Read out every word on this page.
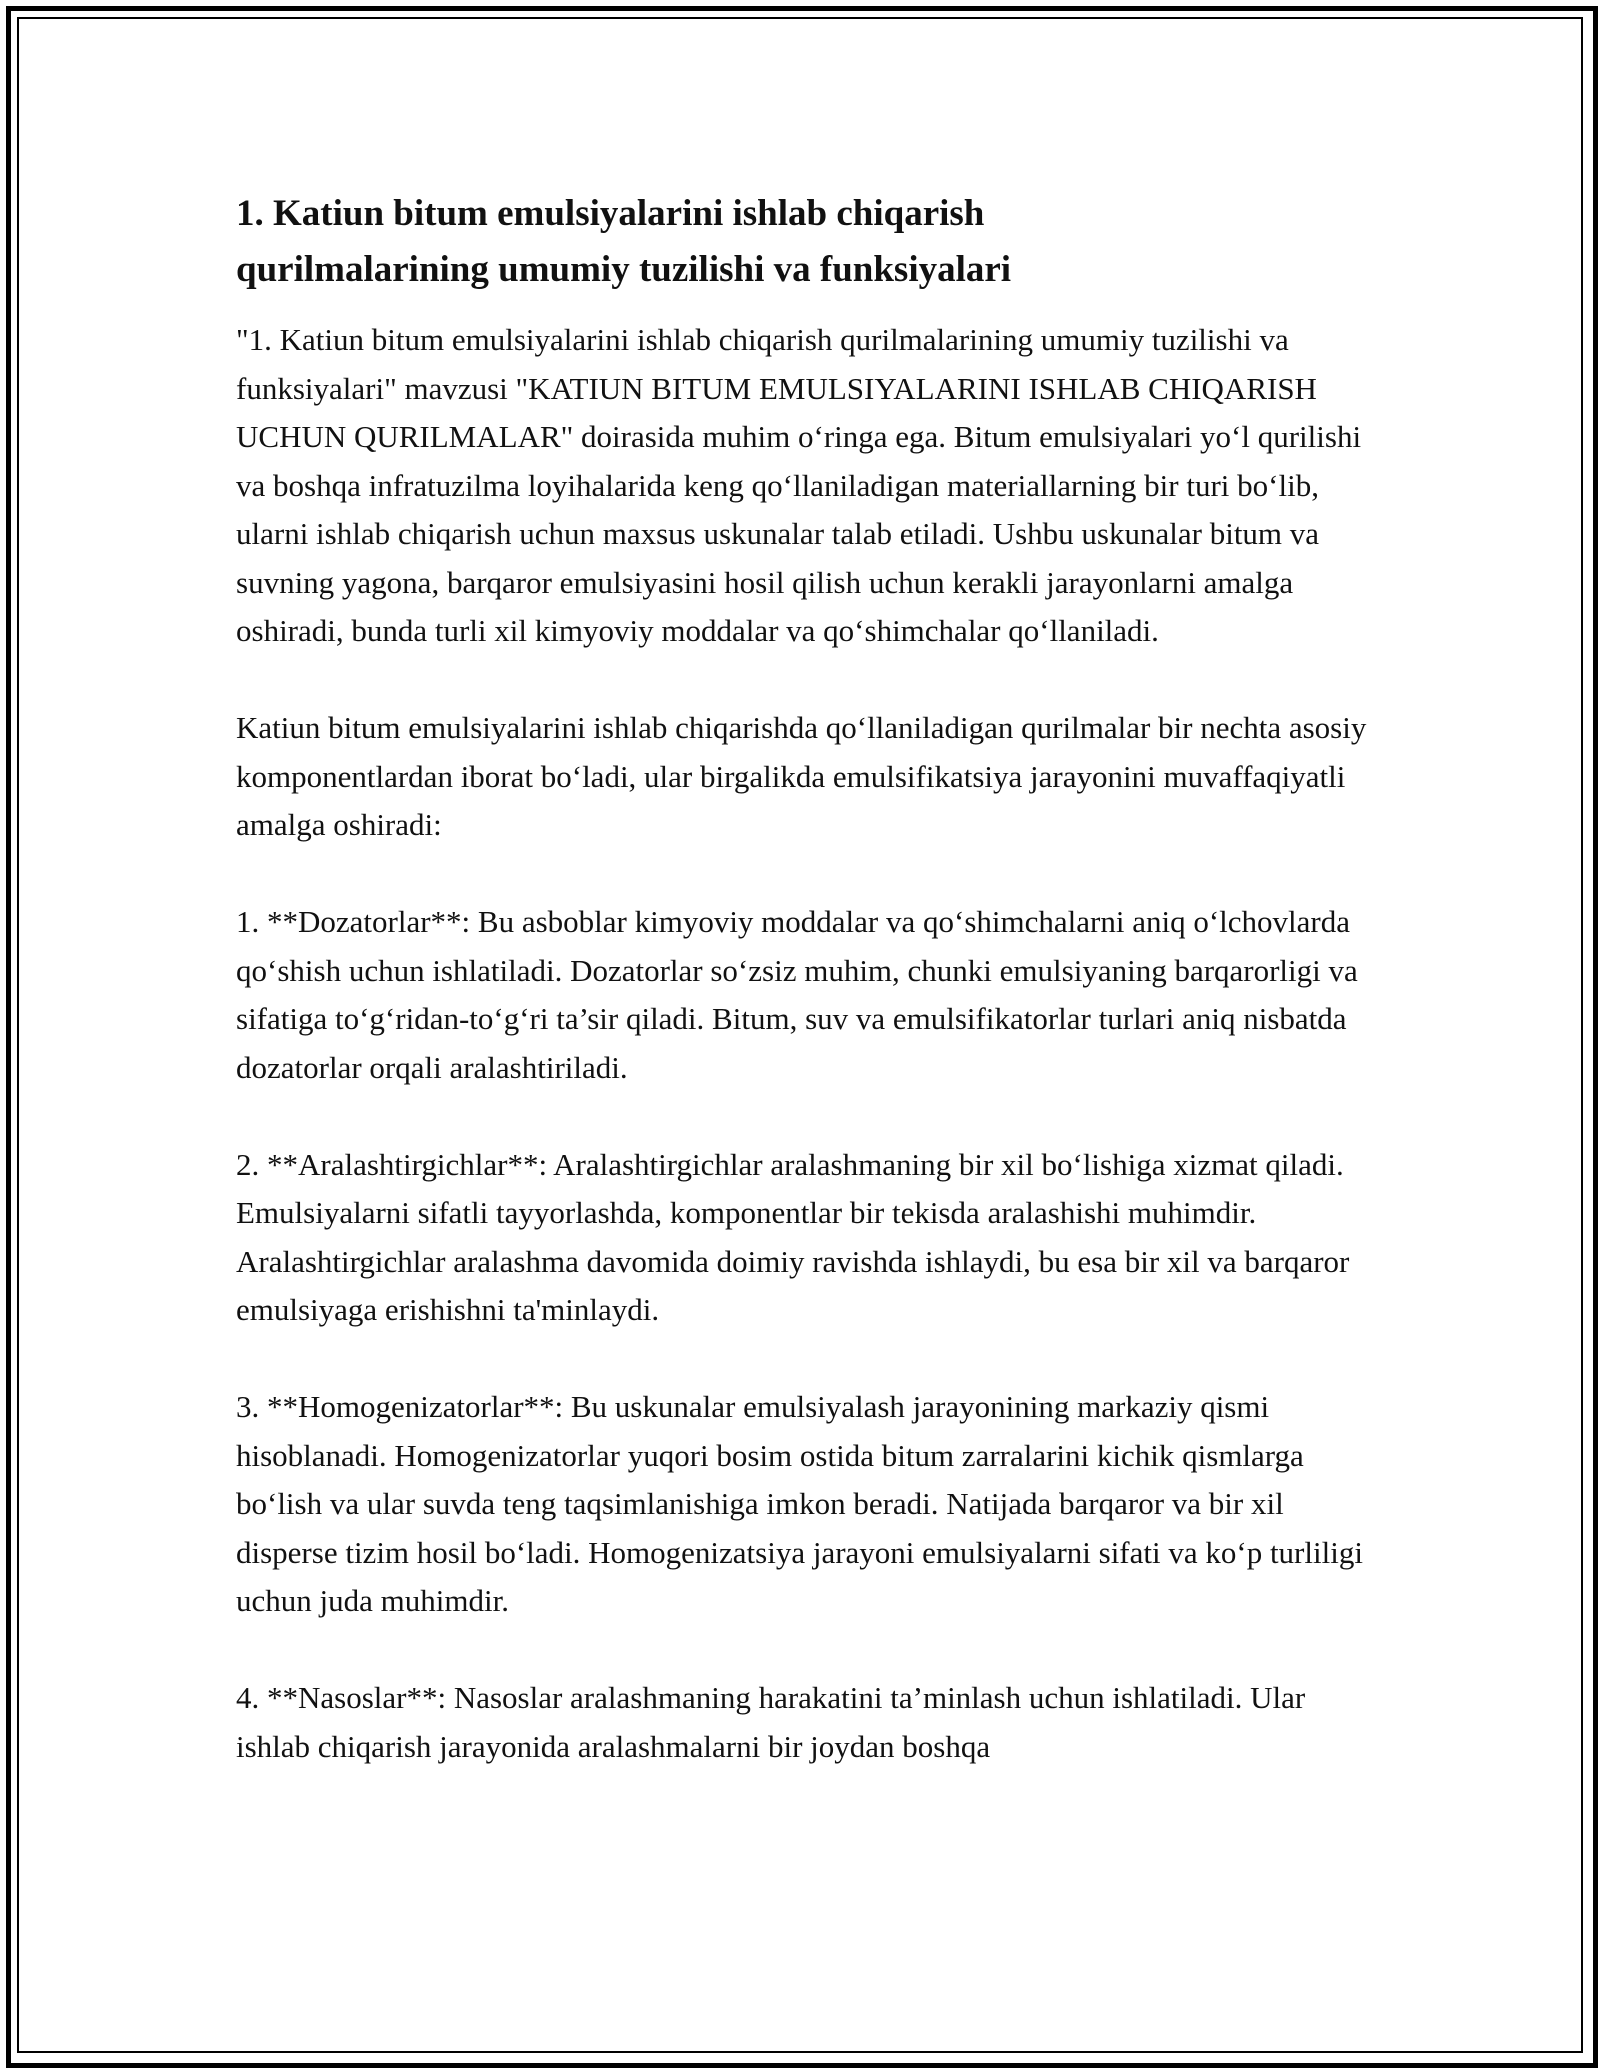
1. Katiun bitum emulsiyalarini ishlab chiqarish qurilmalarining umumiy tuzilishi va funksiyalari

"1. Katiun bitum emulsiyalarini ishlab chiqarish qurilmalarining umumiy tuzilishi va funksiyalari" mavzusi "KATIUN BITUM EMULSIYALARINI ISHLAB CHIQARISH UCHUN QURILMALAR" doirasida muhim o‘ringa ega. Bitum emulsiyalari yo‘l qurilishi va boshqa infratuzilma loyihalarida keng qo‘llaniladigan materiallarning bir turi bo‘lib, ularni ishlab chiqarish uchun maxsus uskunalar talab etiladi. Ushbu uskunalar bitum va suvning yagona, barqaror emulsiyasini hosil qilish uchun kerakli jarayonlarni amalga oshiradi, bunda turli xil kimyoviy moddalar va qo‘shimchalar qo‘llaniladi.

Katiun bitum emulsiyalarini ishlab chiqarishda qo‘llaniladigan qurilmalar bir nechta asosiy komponentlardan iborat bo‘ladi, ular birgalikda emulsifikatsiya jarayonini muvaffaqiyatli amalga oshiradi:

1. **Dozatorlar**: Bu asboblar kimyoviy moddalar va qo‘shimchalarni aniq o‘lchovlarda qo‘shish uchun ishlatiladi. Dozatorlar so‘zsiz muhim, chunki emulsiyaning barqarorligi va sifatiga to‘g‘ridan-to‘g‘ri ta’sir qiladi. Bitum, suv va emulsifikatorlar turlari aniq nisbatda dozatorlar orqali aralashtiriladi.

2. **Aralashtirgichlar**: Aralashtirgichlar aralashmaning bir xil bo‘lishiga xizmat qiladi. Emulsiyalarni sifatli tayyorlashda, komponentlar bir tekisda aralashishi muhimdir. Aralashtirgichlar aralashma davomida doimiy ravishda ishlaydi, bu esa bir xil va barqaror emulsiyaga erishishni ta'minlaydi.

3. **Homogenizatorlar**: Bu uskunalar emulsiyalash jarayonining markaziy qismi hisoblanadi. Homogenizatorlar yuqori bosim ostida bitum zarralarini kichik qismlarga bo‘lish va ular suvda teng taqsimlanishiga imkon beradi. Natijada barqaror va bir xil disperse tizim hosil bo‘ladi. Homogenizatsiya jarayoni emulsiyalarni sifati va ko‘p turliligi uchun juda muhimdir.

4. **Nasoslar**: Nasoslar aralashmaning harakatini ta’minlash uchun ishlatiladi. Ular ishlab chiqarish jarayonida aralashmalarni bir joydan boshqa
